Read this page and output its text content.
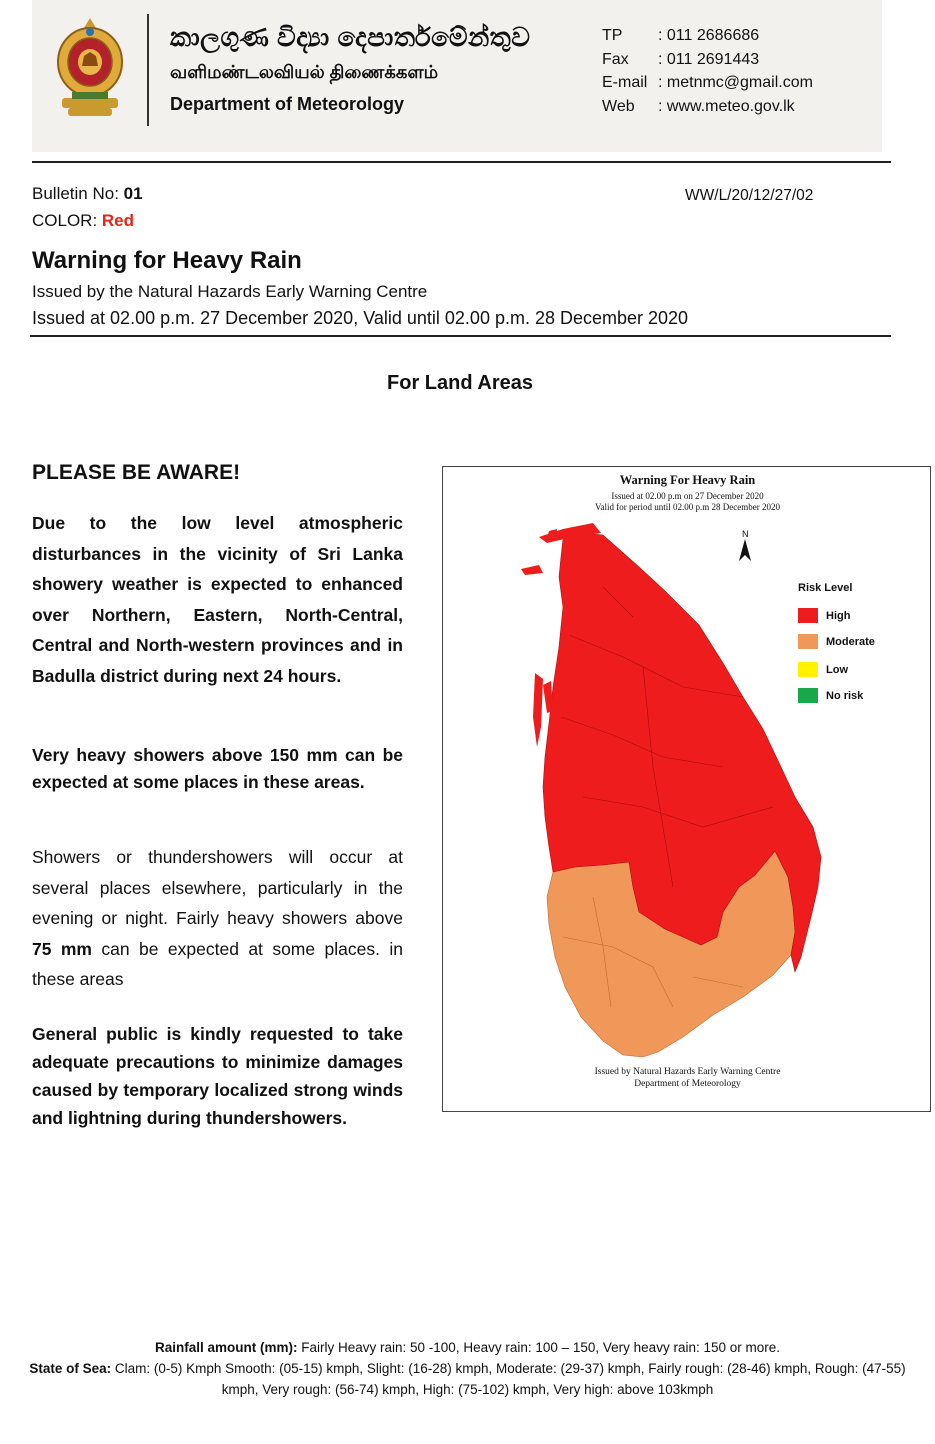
කාලගුණ විද්‍යා දෙපාර්තමේන්තුව
வளிமண்டலவியல் திணைக்களம்
Department of Meteorology
TP	: 011 2686686
Fax	: 011 2691443
E-mail : metnmc@gmail.com
Web	: www.meteo.gov.lk
Bulletin No: 01
COLOR: Red
WW/L/20/12/27/02
Warning for Heavy Rain
Issued by the Natural Hazards Early Warning Centre
Issued at 02.00 p.m. 27 December 2020, Valid until 02.00 p.m. 28 December 2020
For Land Areas
PLEASE BE AWARE!
Due to the low level atmospheric disturbances in the vicinity of Sri Lanka showery weather is expected to enhanced over Northern, Eastern, North-Central, Central and North-western provinces and in Badulla district during next 24 hours.
Very heavy showers above 150 mm can be expected at some places in these areas.
Showers or thundershowers will occur at several places elsewhere, particularly in the evening or night. Fairly heavy showers above 75 mm can be expected at some places. in these areas
General public is kindly requested to take adequate precautions to minimize damages caused by temporary localized strong winds and lightning during thundershowers.
Warning For Heavy Rain
Issued at 02.00 p.m on 27 December 2020
Valid for period until 02.00 p.m 28 December 2020
N
Risk Level
High
Moderate
Low
No risk
Issued by Natural Hazards Early Warning Centre
Department of Meteorology
Rainfall amount (mm): Fairly Heavy rain: 50 -100, Heavy rain: 100 – 150, Very heavy rain: 150 or more.
State of Sea: Clam: (0-5) Kmph Smooth: (05-15) kmph, Slight: (16-28) kmph, Moderate: (29-37) kmph, Fairly rough: (28-46) kmph, Rough: (47-55) kmph, Very rough: (56-74) kmph, High: (75-102) kmph, Very high: above 103kmph
